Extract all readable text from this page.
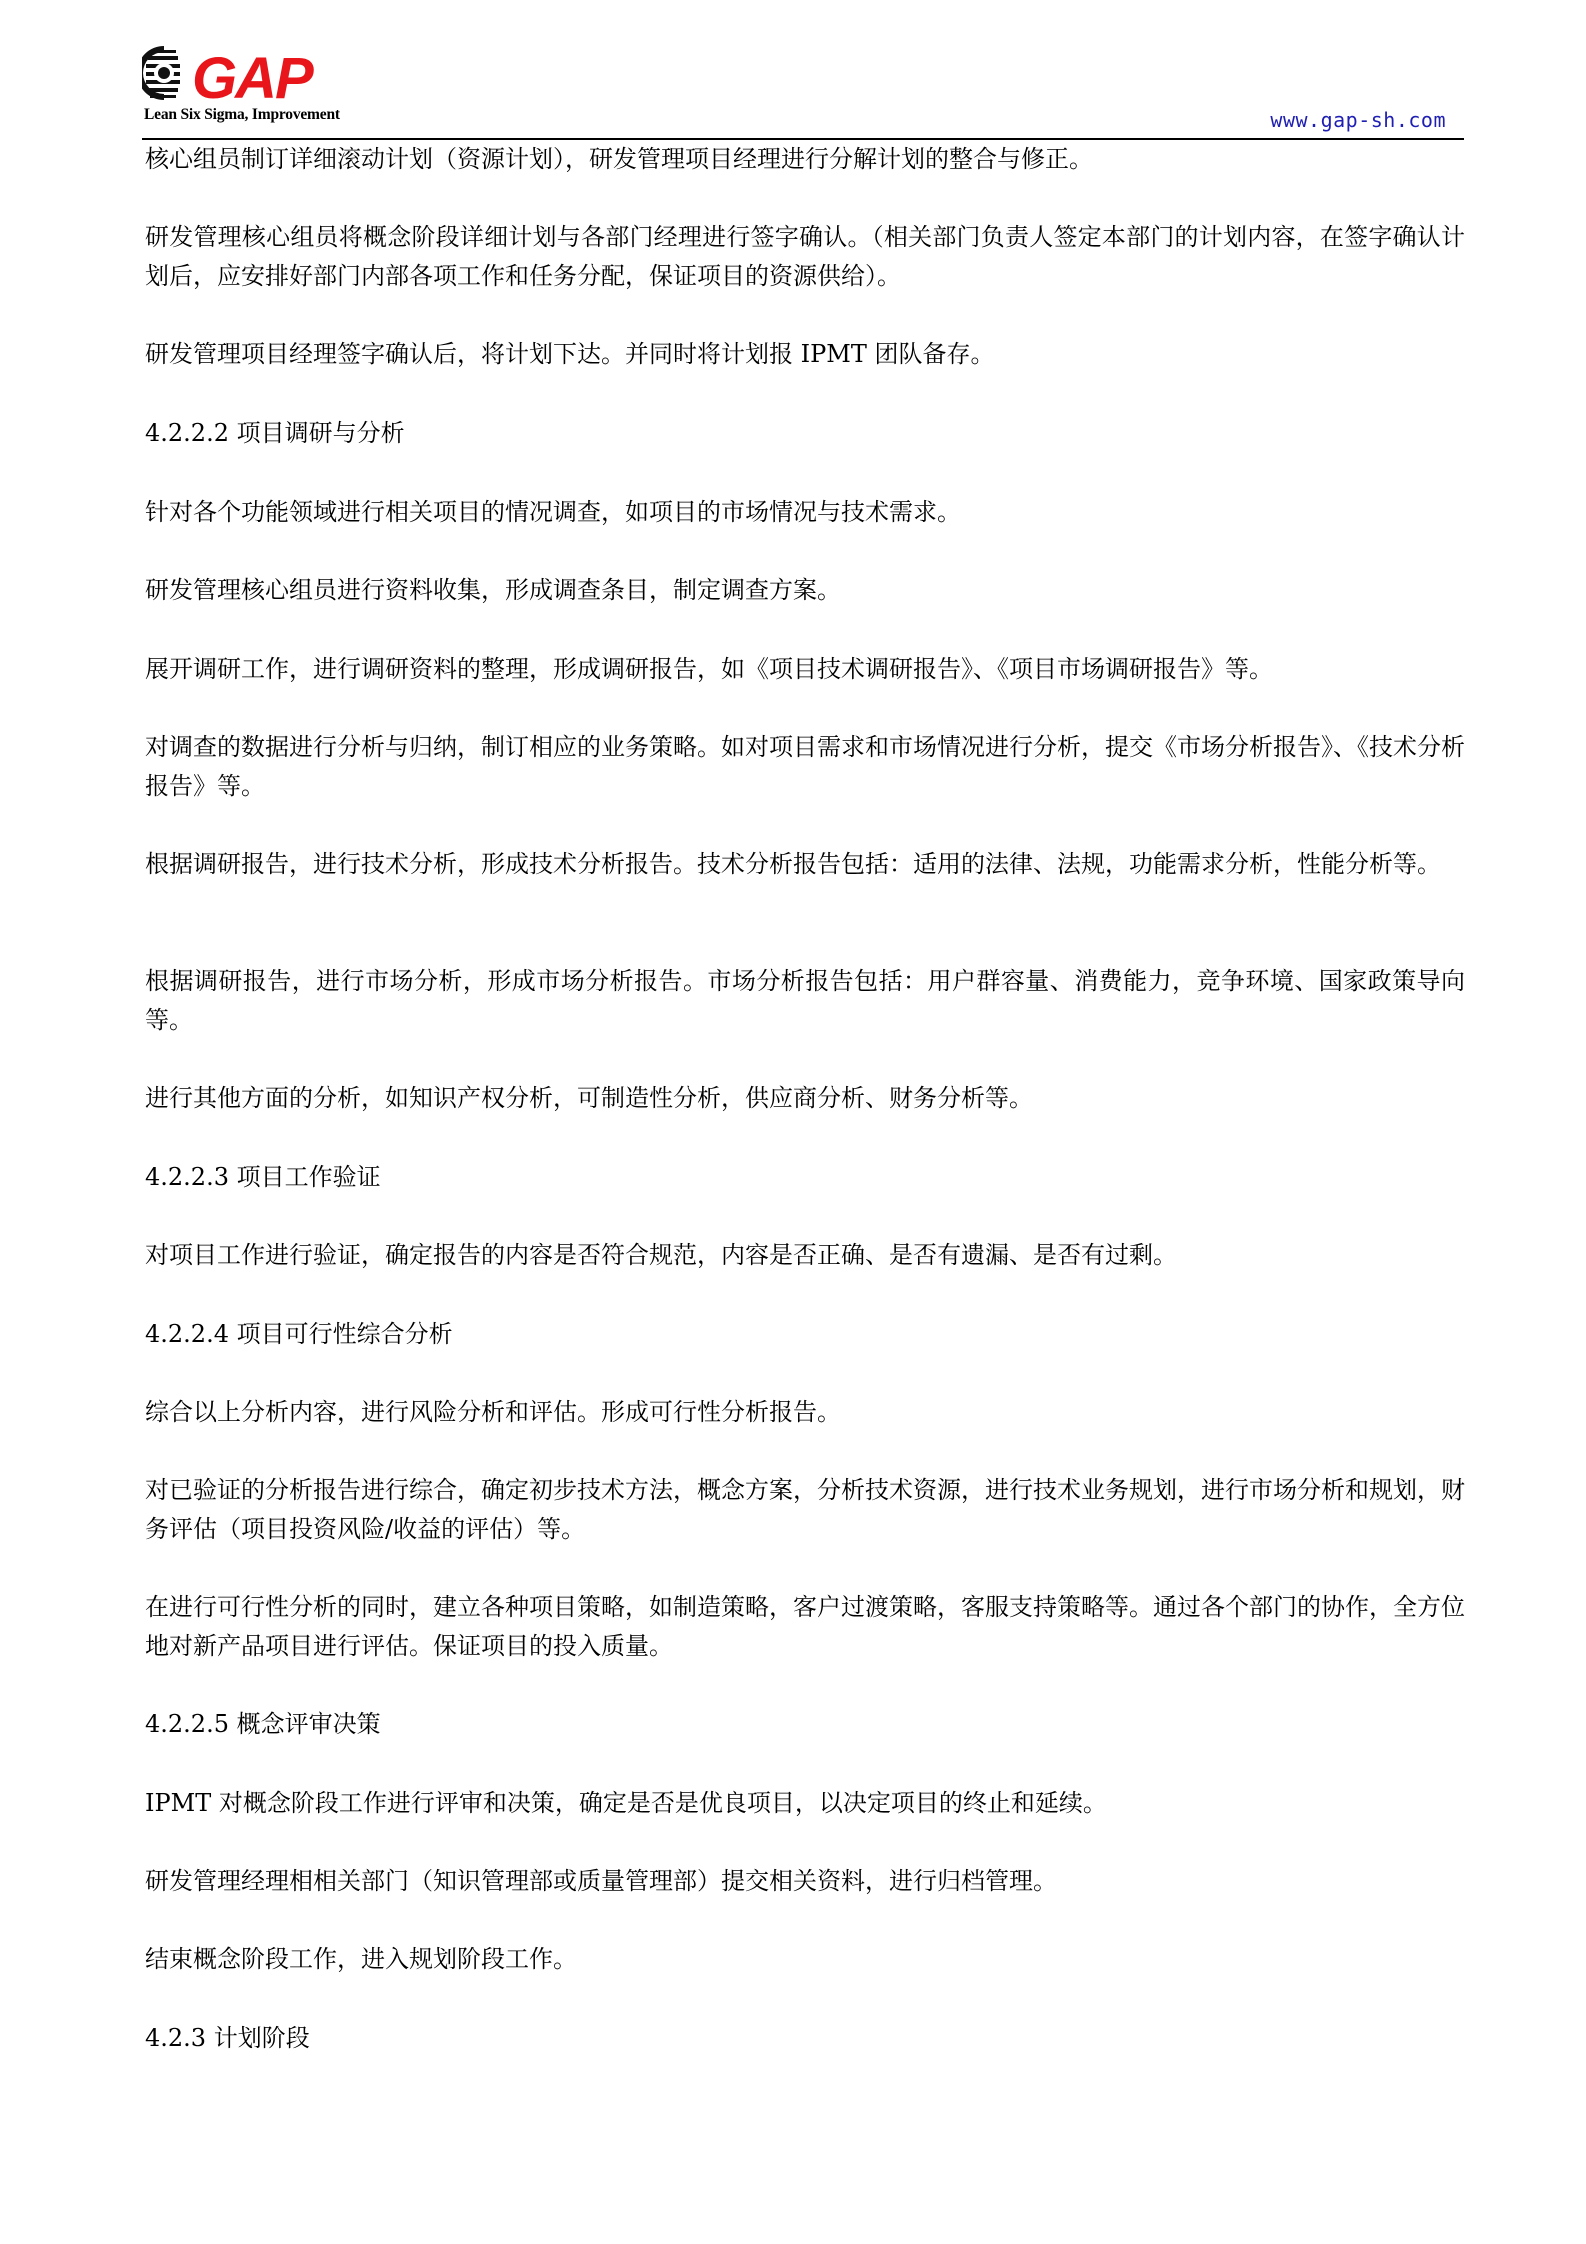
GAP
Lean Six Sigma, Improvement	www.gap-sh.com

核心组员制订详细滚动计划（资源计划），研发管理项目经理进行分解计划的整合与修正。

研发管理核心组员将概念阶段详细计划与各部门经理进行签字确认。（相关部门负责人签定本部门的计划内容，在签字确认计划后，应安排好部门内部各项工作和任务分配，保证项目的资源供给）。

研发管理项目经理签字确认后，将计划下达。并同时将计划报 IPMT 团队备存。

4.2.2.2 项目调研与分析

针对各个功能领域进行相关项目的情况调查，如项目的市场情况与技术需求。

研发管理核心组员进行资料收集，形成调查条目，制定调查方案。

展开调研工作，进行调研资料的整理，形成调研报告，如《项目技术调研报告》、《项目市场调研报告》等。

对调查的数据进行分析与归纳，制订相应的业务策略。如对项目需求和市场情况进行分析，提交《市场分析报告》、《技术分析报告》等。

根据调研报告，进行技术分析，形成技术分析报告。技术分析报告包括：适用的法律、法规，功能需求分析，性能分析等。

根据调研报告，进行市场分析，形成市场分析报告。市场分析报告包括：用户群容量、消费能力，竞争环境、国家政策导向等。

进行其他方面的分析，如知识产权分析，可制造性分析，供应商分析、财务分析等。

4.2.2.3 项目工作验证

对项目工作进行验证，确定报告的内容是否符合规范，内容是否正确、是否有遗漏、是否有过剩。

4.2.2.4 项目可行性综合分析

综合以上分析内容，进行风险分析和评估。形成可行性分析报告。

对已验证的分析报告进行综合，确定初步技术方法，概念方案，分析技术资源，进行技术业务规划，进行市场分析和规划，财务评估（项目投资风险/收益的评估）等。

在进行可行性分析的同时，建立各种项目策略，如制造策略，客户过渡策略，客服支持策略等。通过各个部门的协作，全方位地对新产品项目进行评估。保证项目的投入质量。

4.2.2.5 概念评审决策

IPMT 对概念阶段工作进行评审和决策，确定是否是优良项目，以决定项目的终止和延续。

研发管理经理相相关部门（知识管理部或质量管理部）提交相关资料，进行归档管理。

结束概念阶段工作，进入规划阶段工作。

4.2.3 计划阶段
